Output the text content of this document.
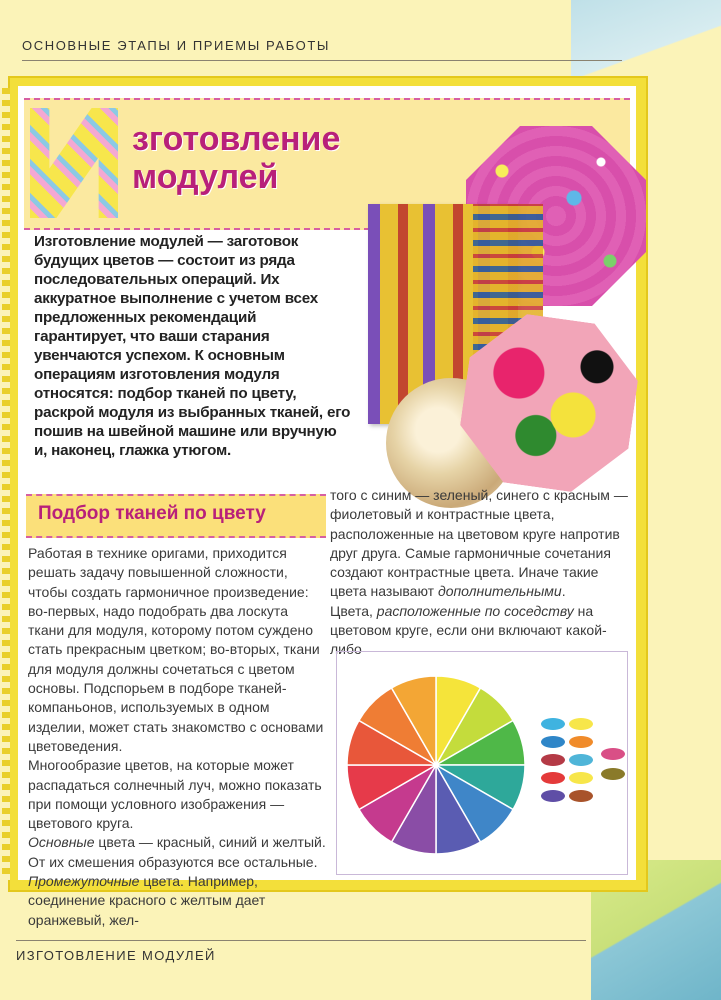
ОСНОВНЫЕ ЭТАПЫ И ПРИЕМЫ РАБОТЫ
зготовление
модулей
Изготовление модулей — заготовок будущих цветов — состоит из ряда последовательных операций. Их аккуратное выполнение с учетом всех предложенных рекомендаций гарантирует, что ваши старания увенчаются успехом. К основным операциям изготовления модуля относятся: подбор тканей по цвету, раскрой модуля из выбранных тканей, его пошив на швейной машине или вручную и, наконец, глажка утюгом.
Подбор тканей по цвету

Работая в технике оригами, приходится решать задачу повышенной сложности, чтобы создать гармоничное произведение: во-первых, надо подобрать два лоскута ткани для модуля, которому потом суждено стать прекрасным цветком; во-вторых, ткани для модуля должны сочетаться с цветом основы. Подспорьем в подборе тканей-компаньонов, используемых в одном изделии, может стать знакомство с основами цветоведения.

Многообразие цветов, на которые может распадаться солнечный луч, можно показать при помощи условного изображения — цветового круга.

Основные цвета — красный, синий и желтый. От их смешения образуются все остальные.

Промежуточные цвета. Например, соединение красного с желтым дает оранжевый, жел-

того с синим — зеленый, синего с красным — фиолетовый и контрастные цвета, расположенные на цветовом круге напротив друг друга. Самые гармоничные сочетания создают контрастные цвета. Иначе такие цвета называют дополнительными.

Цвета, расположенные по соседству на цветовом круге, если они включают какой-либо

ИЗГОТОВЛЕНИЕ МОДУЛЕЙ
